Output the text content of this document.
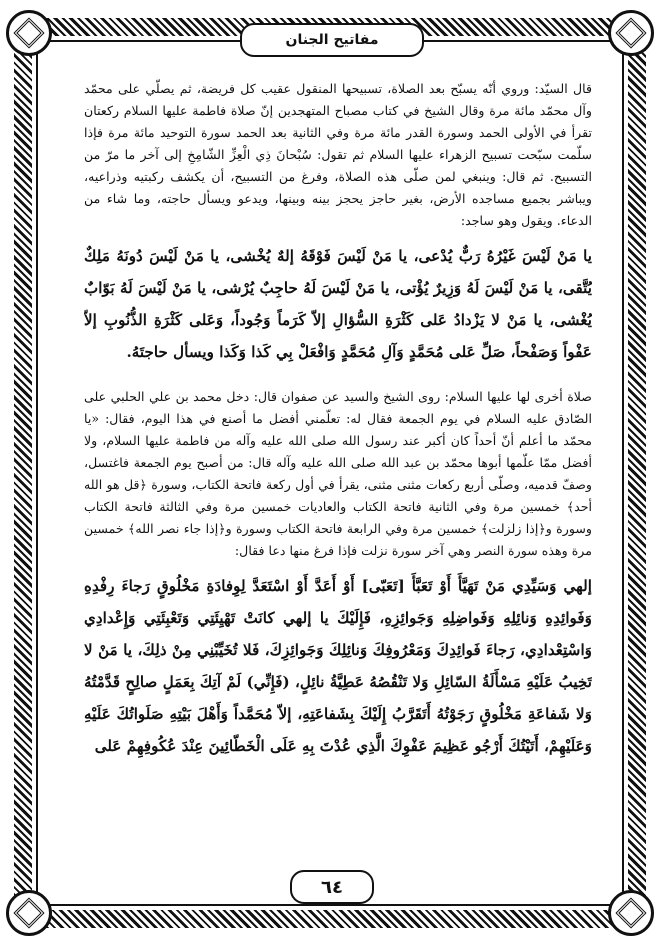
مفاتيح الجنان

قال السيّد: وروي أنّه يسبّح بعد الصلاة، تسبيحها المنقول عقيب كل فريضة، ثم يصلّي على محمّد وآل محمّد مائة مرة وقال الشيخ في كتاب مصباح المتهجدين إنّ صلاة فاطمة عليها السلام ركعتان تقرأ في الأولى الحمد وسورة القدر مائة مرة وفي الثانية بعد الحمد سورة التوحيد مائة مرة فإذا سلّمت سبّحت تسبيح الزهراء عليها السلام ثم تقول: سُبْحانَ ذِي الْعِزِّ الشّامِخِ إلى آخر ما مرّ من التسبيح. ثم قال: وينبغي لمن صلّى هذه الصلاة، وفرغ من التسبيح، أن يكشف ركبتيه وذراعيه، ويباشر بجميع مساجده الأرض، بغير حاجز يحجز بينه وبينها، ويدعو ويسأل حاجته، وما شاء من الدعاء. ويقول وهو ساجد:

يا مَنْ لَيْسَ غَيْرُهُ رَبٌّ يُدْعى، يا مَنْ لَيْسَ فَوْقَهُ إلهٌ يُخْشى، يا مَنْ لَيْسَ دُونَهُ مَلِكٌ يُتَّقى، يا مَنْ لَيْسَ لَهُ وَزِيرٌ يُؤْتى، يا مَنْ لَيْسَ لَهُ حاجِبٌ يُرْشى، يا مَنْ لَيْسَ لَهُ بَوّابٌ يُغْشى، يا مَنْ لا يَزْدادُ عَلى كَثْرَةِ السُّؤالِ إلاّ كَرَماً وَجُوداً، وَعَلى كَثْرَةِ الذُّنُوبِ إلاّ عَفْواً وَصَفْحاً، صَلِّ عَلى مُحَمَّدٍ وَآلِ مُحَمَّدٍ وَافْعَلْ بِي كَذا وَكَذا ويسأل حاجتَهُ.

صلاة أخرى لها عليها السلام: روى الشيخ والسيد عن صفوان قال: دخل محمد بن علي الحلبي على الصّادق عليه السلام في يوم الجمعة فقال له: تعلّمني أفضل ما أصنع في هذا اليوم، فقال: «يا محمّد ما أعلم أنّ أحداً كان أكبر عند رسول الله صلى الله عليه وآله من فاطمة عليها السلام، ولا أفضل ممّا علّمها أبوها محمّد بن عبد الله صلى الله عليه وآله قال: من أصبح يوم الجمعة فاغتسل، وصفّ قدميه، وصلّى أربع ركعات مثنى مثنى، يقرأ في أول ركعة فاتحة الكتاب، وسورة ﴿قل هو الله أحد﴾ خمسين مرة وفي الثانية فاتحة الكتاب والعاديات خمسين مرة وفي الثالثة فاتحة الكتاب وسورة و﴿إذا زلزلت﴾ خمسين مرة وفي الرابعة فاتحة الكتاب وسورة و﴿إذا جاء نصر الله﴾ خمسين مرة وهذه سورة النصر وهي آخر سورة نزلت فإذا فرغ منها دعا فقال:

إلهي وَسَيِّدِي مَنْ تَهَيَّأَ أَوْ تَعَبَّأَ [تَعَبّى] أَوْ أَعَدَّ أَوْ اسْتَعَدَّ لِوِفادَةِ مَخْلُوقٍ رَجاءَ رِفْدِهِ وَفَوائِدِهِ وَنائِلِهِ وَفَواضِلِهِ وَجَوائِزِهِ، فَإِلَيْكَ يا إلهي كانَتْ تَهْيِئَتِي وَتَعْبِئَتِي وَإِعْدادِي وَاسْتِعْدادِي، رَجاءَ فَوائِدِكَ وَمَعْرُوفِكَ وَنائِلِكَ وَجَوائِزِكَ، فَلا تُخَيِّبْنِي مِنْ ذلِكَ، يا مَنْ لا تَخِيبُ عَلَيْهِ مَسْأَلَةُ السّائِلِ وَلا تَنْقُصُهُ عَطِيَّةُ نائِلٍ، (فَإِنِّي) لَمْ آتِكَ بِعَمَلٍ صالِحٍ قَدَّمْتُهُ وَلا شَفاعَةِ مَخْلُوقٍ رَجَوْتُهُ أَتَقَرَّبُ إِلَيْكَ بِشَفاعَتِهِ، إلاّ مُحَمَّداً وَأَهْلَ بَيْتِهِ صَلَواتُكَ عَلَيْهِ وَعَلَيْهِمْ، أَتَيْتُكَ أَرْجُو عَظِيمَ عَفْوِكَ الَّذِي عُدْتَ بِهِ عَلَى الْخَطّائِينَ عِنْدَ عُكُوفِهِمْ عَلى

٦٤
